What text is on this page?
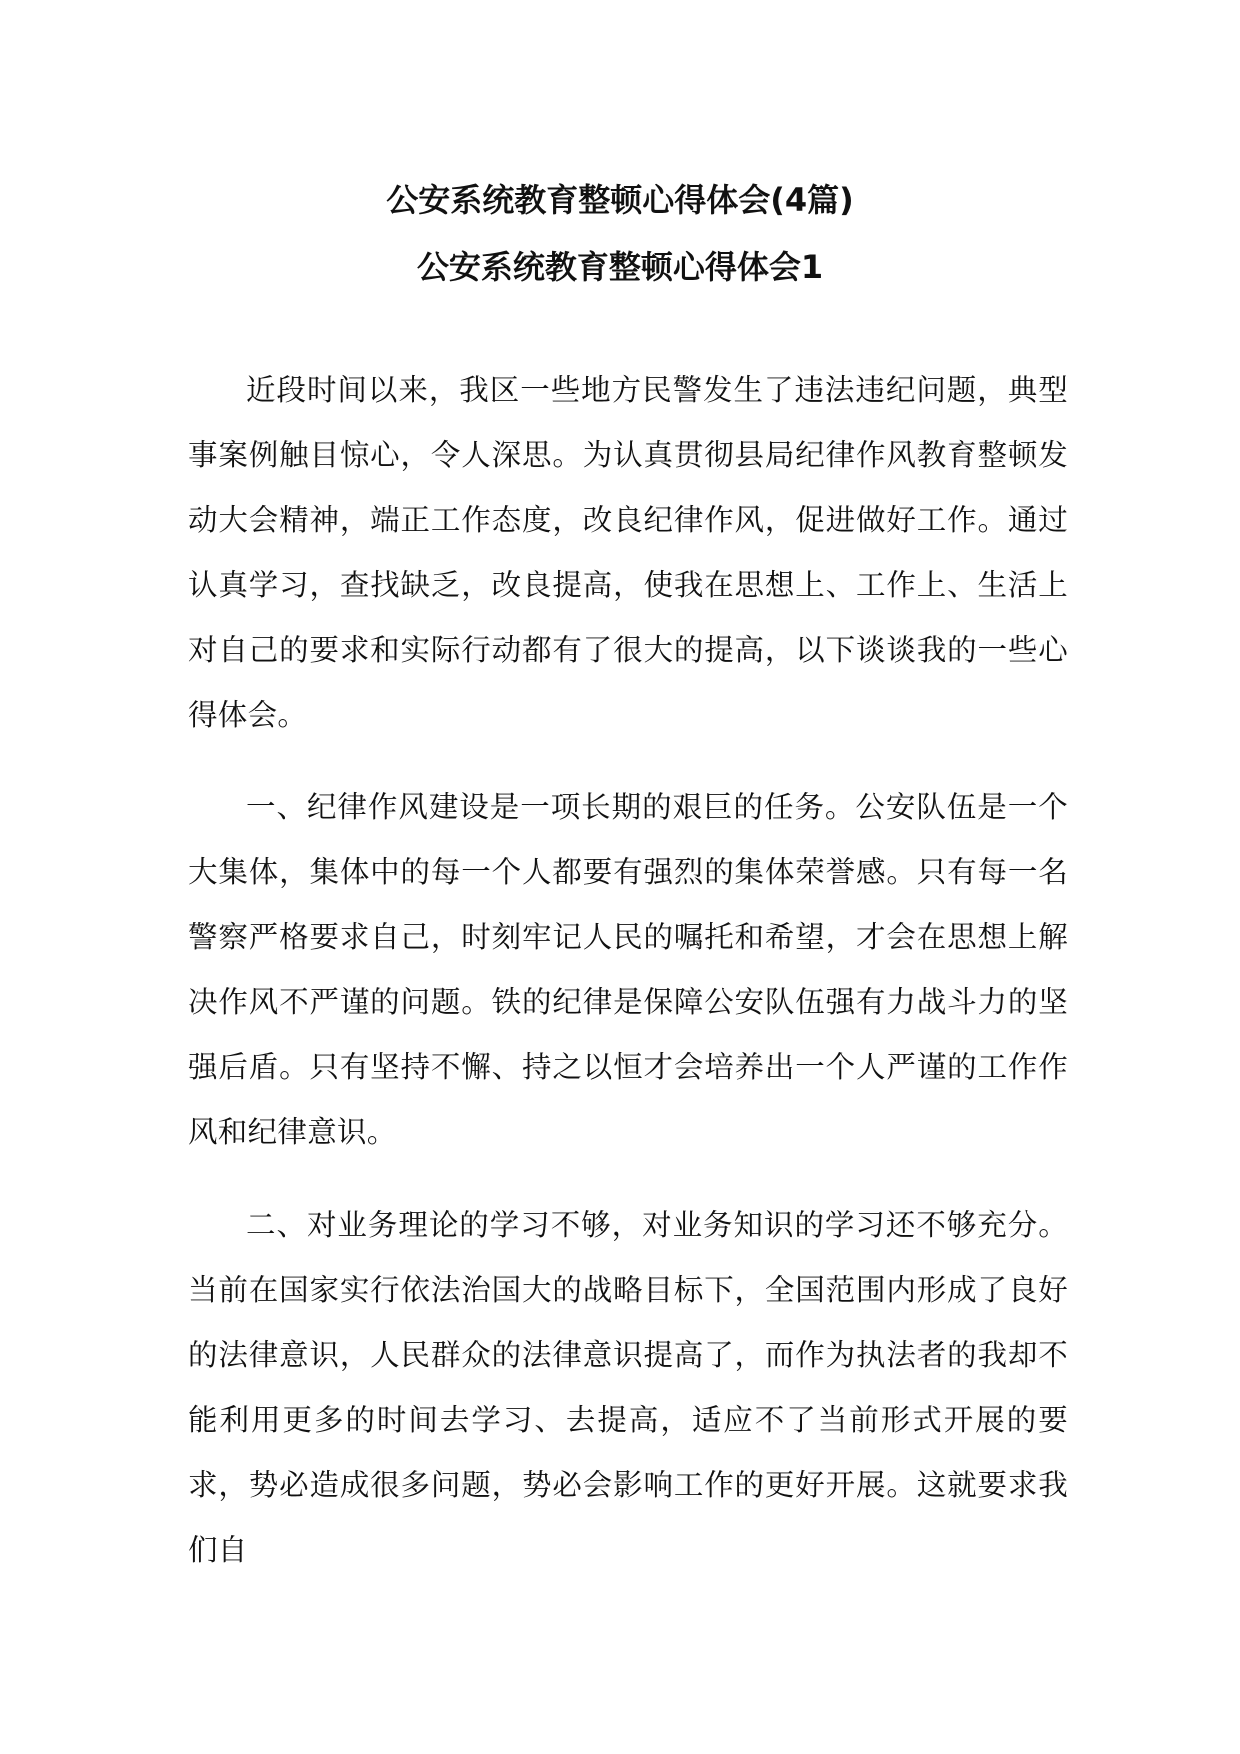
公安系统教育整顿心得体会(4篇)
公安系统教育整顿心得体会1

近段时间以来，我区一些地方民警发生了违法违纪问题，典型事案例触目惊心，令人深思。为认真贯彻县局纪律作风教育整顿发动大会精神，端正工作态度，改良纪律作风，促进做好工作。通过认真学习，查找缺乏，改良提高，使我在思想上、工作上、生活上对自己的要求和实际行动都有了很大的提高，以下谈谈我的一些心得体会。

一、纪律作风建设是一项长期的艰巨的任务。公安队伍是一个大集体，集体中的每一个人都要有强烈的集体荣誉感。只有每一名警察严格要求自己，时刻牢记人民的嘱托和希望，才会在思想上解决作风不严谨的问题。铁的纪律是保障公安队伍强有力战斗力的坚强后盾。只有坚持不懈、持之以恒才会培养出一个人严谨的工作作风和纪律意识。

二、对业务理论的学习不够，对业务知识的学习还不够充分。当前在国家实行依法治国大的战略目标下，全国范围内形成了良好的法律意识，人民群众的法律意识提高了，而作为执法者的我却不能利用更多的时间去学习、去提高，适应不了当前形式开展的要求，势必造成很多问题，势必会影响工作的更好开展。这就要求我们自
